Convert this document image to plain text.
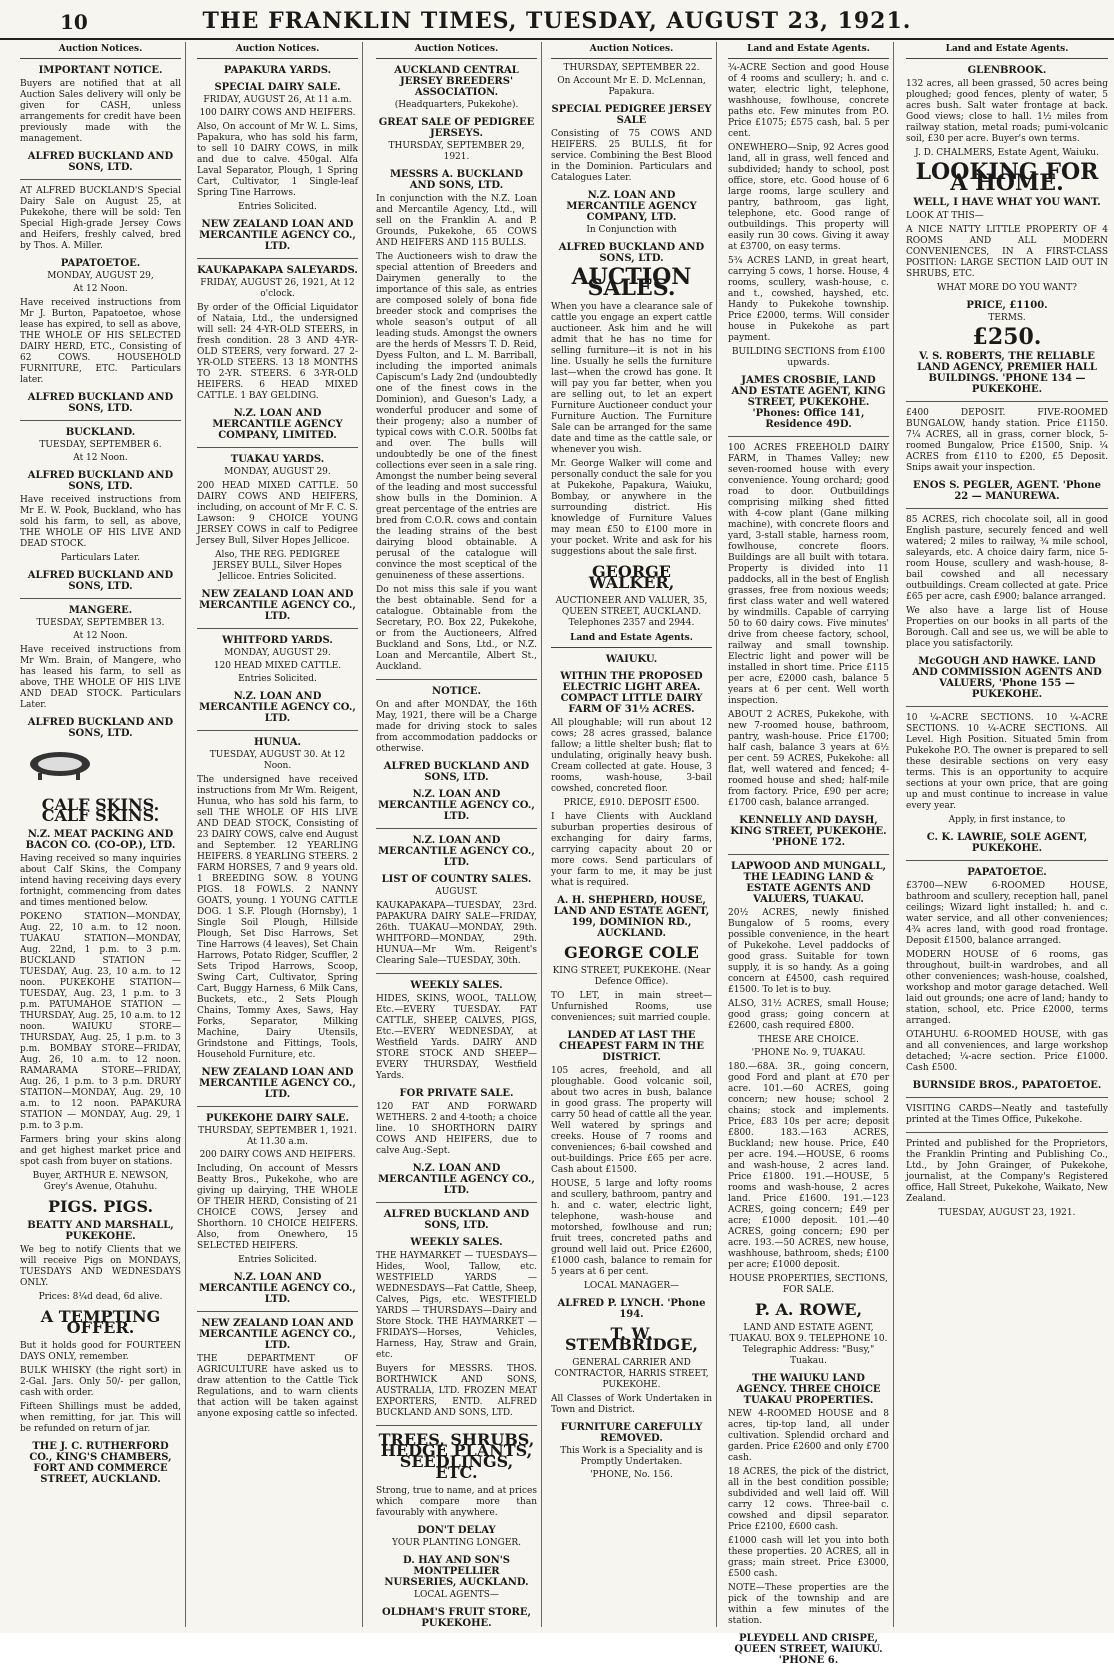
10	THE FRANKLIN TIMES, TUESDAY, AUGUST 23, 1921.
Auction Notices.
IMPORTANT NOTICE.
Buyers are notified that at all Auction Sales delivery will only be given for CASH, unless arrangements for credit have been previously made with the management.
ALFRED BUCKLAND AND SONS, LTD.
AT ALFRED BUCKLAND'S Special Dairy Sale on August 25, at Pukekohe, there will be sold: Ten Special High-grade Jersey Cows and Heifers, freshly calved, bred by Thos. A. Miller.
PAPATOETOE.
MONDAY, AUGUST 29,
At 12 Noon.
Have received instructions from Mr J. Burton, Papatoetoe, whose lease has expired, to sell as above, THE WHOLE OF HIS SELECTED DAIRY HERD, ETC., Consisting of 62 COWS. HOUSEHOLD FURNITURE, ETC. Particulars later.
ALFRED BUCKLAND AND SONS, LTD.
BUCKLAND.
TUESDAY, SEPTEMBER 6.
At 12 Noon.
ALFRED BUCKLAND AND SONS, LTD.
Have received instructions from Mr E. W. Pook, Buckland, who has sold his farm, to sell, as above, THE WHOLE OF HIS LIVE AND DEAD STOCK.
Particulars Later.
ALFRED BUCKLAND AND SONS, LTD.
MANGERE.
TUESDAY, SEPTEMBER 13.
At 12 Noon.
Have received instructions from Mr Wm. Brain, of Mangere, who has leased his farm, to sell as above, THE WHOLE OF HIS LIVE AND DEAD STOCK. Particulars Later.
ALFRED BUCKLAND AND SONS, LTD.
CALF SKINS. CALF SKINS.
N.Z. MEAT PACKING AND BACON CO. (CO-OP.), LTD.
Having received so many inquiries about Calf Skins, the Company intend having receiving days every fortnight, commencing from dates and times mentioned below.
POKENO STATION—MONDAY, Aug. 22, 10 a.m. to 12 noon. TUAKAU STATION—MONDAY, Aug. 22nd, 1 p.m. to 3 p.m. BUCKLAND STATION — TUESDAY, Aug. 23, 10 a.m. to 12 noon. PUKEKOHE STATION—TUESDAY, Aug. 23, 1 p.m. to 3 p.m. PATUMAHOE STATION — THURSDAY, Aug. 25, 10 a.m. to 12 noon. WAIUKU STORE—THURSDAY, Aug. 25, 1 p.m. to 3 p.m. BOMBAY STORE—FRIDAY, Aug. 26, 10 a.m. to 12 noon. RAMARAMA STORE—FRIDAY, Aug. 26, 1 p.m. to 3 p.m. DRURY STATION—MONDAY, Aug. 29, 10 a.m. to 12 noon. PAPAKURA STATION — MONDAY, Aug. 29, 1 p.m. to 3 p.m.
Farmers bring your skins along and get highest market price and spot cash from buyer on stations.
Buyer, ARTHUR E. NEWSON, Grey's Avenue, Otahuhu.
PIGS. PIGS.
BEATTY AND MARSHALL, PUKEKOHE.
We beg to notify Clients that we will receive Pigs on MONDAYS, TUESDAYS AND WEDNESDAYS ONLY.
Prices: 8¼d dead, 6d alive.
A TEMPTING OFFER.
But it holds good for FOURTEEN DAYS ONLY, remember.
BULK WHISKY (the right sort) in 2-Gal. Jars. Only 50/- per gallon, cash with order.
Fifteen Shillings must be added, when remitting, for jar. This will be refunded on return of jar.
THE J. C. RUTHERFORD CO., KING'S CHAMBERS, FORT AND COMMERCE STREET, AUCKLAND.
Auction Notices.
PAPAKURA YARDS.
SPECIAL DAIRY SALE.
FRIDAY, AUGUST 26, At 11 a.m.
100 DAIRY COWS AND HEIFERS.
Also, On account of Mr W. L. Sims, Papakura, who has sold his farm, to sell 10 DAIRY COWS, in milk and due to calve. 450gal. Alfa Laval Separator, Plough, 1 Spring Cart, Cultivator, 1 Single-leaf Spring Tine Harrows.
Entries Solicited.
NEW ZEALAND LOAN AND MERCANTILE AGENCY CO., LTD.
KAUKAPAKAPA SALEYARDS.
FRIDAY, AUGUST 26, 1921, At 12 o'clock.
By order of the Official Liquidator of Nataia, Ltd., the undersigned will sell: 24 4-YR-OLD STEERS, in fresh condition. 28 3 AND 4-YR-OLD STEERS, very forward. 27 2-YR-OLD STEERS. 13 18 MONTHS TO 2-YR. STEERS. 6 3-YR-OLD HEIFERS. 6 HEAD MIXED CATTLE. 1 BAY GELDING.
N.Z. LOAN AND MERCANTILE AGENCY COMPANY, LIMITED.
TUAKAU YARDS.
MONDAY, AUGUST 29.
200 HEAD MIXED CATTLE. 50 DAIRY COWS AND HEIFERS, including, on account of Mr F. C. S. Lawson: 9 CHOICE YOUNG JERSEY COWS in calf to Pedigree Jersey Bull, Silver Hopes Jellicoe.
Also, THE REG. PEDIGREE JERSEY BULL, Silver Hopes Jellicoe. Entries Solicited.
NEW ZEALAND LOAN AND MERCANTILE AGENCY CO., LTD.
WHITFORD YARDS.
MONDAY, AUGUST 29.
120 HEAD MIXED CATTLE.
Entries Solicited.
N.Z. LOAN AND MERCANTILE AGENCY CO., LTD.
HUNUA.
TUESDAY, AUGUST 30. At 12 Noon.
The undersigned have received instructions from Mr Wm. Reigent, Hunua, who has sold his farm, to sell THE WHOLE OF HIS LIVE AND DEAD STOCK, Consisting of 23 DAIRY COWS, calve end August and September. 12 YEARLING HEIFERS. 8 YEARLING STEERS. 2 FARM HORSES, 7 and 9 years old. 1 BREEDING SOW. 8 YOUNG PIGS. 18 FOWLS. 2 NANNY GOATS, young. 1 YOUNG CATTLE DOG. 1 S.F. Plough (Hornsby), 1 Single Soil Plough, Hillside Plough, Set Disc Harrows, Set Tine Harrows (4 leaves), Set Chain Harrows, Potato Ridger, Scuffler, 2 Sets Tripod Harrows, Scoop, Swing Cart, Cultivator, Spring Cart, Buggy Harness, 6 Milk Cans, Buckets, etc., 2 Sets Plough Chains, Tommy Axes, Saws, Hay Forks, Separator, Milking Machine, Dairy Utensils, Grindstone and Fittings, Tools, Household Furniture, etc.
NEW ZEALAND LOAN AND MERCANTILE AGENCY CO., LTD.
PUKEKOHE DAIRY SALE.
THURSDAY, SEPTEMBER 1, 1921. At 11.30 a.m.
200 DAIRY COWS AND HEIFERS.
Including, On account of Messrs Beatty Bros., Pukekohe, who are giving up dairying, THE WHOLE OF THEIR HERD, Consisting of 21 CHOICE COWS, Jersey and Shorthorn. 10 CHOICE HEIFERS. Also, from Onewhero, 15 SELECTED HEIFERS.
Entries Solicited.
N.Z. LOAN AND MERCANTILE AGENCY CO., LTD.
NEW ZEALAND LOAN AND MERCANTILE AGENCY CO., LTD.
THE DEPARTMENT OF AGRICULTURE have asked us to draw attention to the Cattle Tick Regulations, and to warn clients that action will be taken against anyone exposing cattle so infected.
Auction Notices.
AUCKLAND CENTRAL JERSEY BREEDERS' ASSOCIATION.
(Headquarters, Pukekohe).
GREAT SALE OF PEDIGREE JERSEYS.
THURSDAY, SEPTEMBER 29, 1921.
MESSRS A. BUCKLAND AND SONS, LTD.
In conjunction with the N.Z. Loan and Mercantile Agency, Ltd., will sell on the Franklin A. and P. Grounds, Pukekohe, 65 COWS AND HEIFERS AND 115 BULLS.
The Auctioneers wish to draw the special attention of Breeders and Dairymen generally to the importance of this sale, as entries are composed solely of bona fide breeder stock and comprises the whole season's output of all leading studs. Amongst the owners are the herds of Messrs T. D. Reid, Dyess Fulton, and L. M. Barriball, including the imported animals Capiscum's Lady 2nd (undoubtedly one of the finest cows in the Dominion), and Gueson's Lady, a wonderful producer and some of their progeny; also a number of typical cows with C.O.R. 500lbs fat and over. The bulls will undoubtedly be one of the finest collections ever seen in a sale ring. Amongst the number being several of the leading and most successful show bulls in the Dominion. A great percentage of the entries are bred from C.O.R. cows and contain the leading strains of the best dairying blood obtainable. A perusal of the catalogue will convince the most sceptical of the genuineness of these assertions.
Do not miss this sale if you want the best obtainable. Send for a catalogue. Obtainable from the Secretary, P.O. Box 22, Pukekohe, or from the Auctioneers, Alfred Buckland and Sons, Ltd., or N.Z. Loan and Mercantile, Albert St., Auckland.
NOTICE.
On and after MONDAY, the 16th May, 1921, there will be a Charge made for driving stock to sales from accommodation paddocks or otherwise.
ALFRED BUCKLAND AND SONS, LTD.
N.Z. LOAN AND MERCANTILE AGENCY CO., LTD.
N.Z. LOAN AND MERCANTILE AGENCY CO., LTD.
LIST OF COUNTRY SALES.
AUGUST.
KAUKAPAKAPA—TUESDAY, 23rd. PAPAKURA DAIRY SALE—FRIDAY, 26th. TUAKAU—MONDAY, 29th. WHITFORD—MONDAY, 29th. HUNUA—Mr Wm. Reigent's Clearing Sale—TUESDAY, 30th.
WEEKLY SALES.
HIDES, SKINS, WOOL, TALLOW, Etc.—EVERY TUESDAY. FAT CATTLE, SHEEP, CALVES, PIGS, Etc.—EVERY WEDNESDAY, at Westfield Yards. DAIRY AND STORE STOCK AND SHEEP—EVERY THURSDAY, Westfield Yards.
FOR PRIVATE SALE.
120 FAT AND FORWARD WETHERS. 2 and 4-tooth; a choice line. 10 SHORTHORN DAIRY COWS AND HEIFERS, due to calve Aug.-Sept.
N.Z. LOAN AND MERCANTILE AGENCY CO., LTD.
ALFRED BUCKLAND AND SONS, LTD.
WEEKLY SALES.
THE HAYMARKET — TUESDAYS—Hides, Wool, Tallow, etc. WESTFIELD YARDS — WEDNESDAYS—Fat Cattle, Sheep, Calves, Pigs, etc. WESTFIELD YARDS — THURSDAYS—Dairy and Store Stock. THE HAYMARKET — FRIDAYS—Horses, Vehicles, Harness, Hay, Straw and Grain, etc.
Buyers for MESSRS. THOS. BORTHWICK AND SONS, AUSTRALIA, LTD. FROZEN MEAT EXPORTERS, ENTD. ALFRED BUCKLAND AND SONS, LTD.
TREES, SHRUBS, HEDGE PLANTS, SEEDLINGS, ETC.
Strong, true to name, and at prices which compare more than favourably with anywhere.
DON'T DELAY
YOUR PLANTING LONGER.
D. HAY AND SON'S MONTPELLIER NURSERIES, AUCKLAND.
LOCAL AGENTS—
OLDHAM'S FRUIT STORE, PUKEKOHE.
Auction Notices.
THURSDAY, SEPTEMBER 22.
On Account Mr E. D. McLennan, Papakura.
SPECIAL PEDIGREE JERSEY SALE
Consisting of 75 COWS AND HEIFERS. 25 BULLS, fit for service. Combining the Best Blood in the Dominion. Particulars and Catalogues Later.
N.Z. LOAN AND MERCANTILE AGENCY COMPANY, LTD.
In Conjunction with
ALFRED BUCKLAND AND SONS, LTD.
AUCTION SALES.
When you have a clearance sale of cattle you engage an expert cattle auctioneer. Ask him and he will admit that he has no time for selling furniture—it is not in his line. Usually he sells the furniture last—when the crowd has gone. It will pay you far better, when you are selling out, to let an expert Furniture Auctioneer conduct your Furniture Auction. The Furniture Sale can be arranged for the same date and time as the cattle sale, or whenever you wish.
Mr. George Walker will come and personally conduct the sale for you at Pukekohe, Papakura, Waiuku, Bombay, or anywhere in the surrounding district. His knowledge of Furniture Values may mean £50 to £100 more in your pocket. Write and ask for his suggestions about the sale first.
GEORGE WALKER,
AUCTIONEER AND VALUER, 35, QUEEN STREET, AUCKLAND. Telephones 2357 and 2944.
Land and Estate Agents.
WAIUKU.
WITHIN THE PROPOSED ELECTRIC LIGHT AREA. COMPACT LITTLE DAIRY FARM OF 31½ ACRES.
All ploughable; will run about 12 cows; 28 acres grassed, balance fallow; a little shelter bush; flat to undulating, originally heavy bush. Cream collected at gate. House, 3 rooms, wash-house, 3-bail cowshed, concreted floor.
PRICE, £910. DEPOSIT £500.
I have Clients with Auckland suburban properties desirous of exchanging for dairy farms, carrying capacity about 20 or more cows. Send particulars of your farm to me, it may be just what is required.
A. H. SHEPHERD, HOUSE, LAND AND ESTATE AGENT, 199, DOMINION RD., AUCKLAND.
GEORGE COLE
KING STREET, PUKEKOHE. (Near Defence Office).
TO LET, in main street—Unfurnished Rooms, use conveniences; suit married couple.
LANDED AT LAST THE CHEAPEST FARM IN THE DISTRICT.
105 acres, freehold, and all ploughable. Good volcanic soil, about two acres in bush, balance in good grass. The property will carry 50 head of cattle all the year. Well watered by springs and creeks. House of 7 rooms and conveniences; 6-bail cowshed and out-buildings. Price £65 per acre. Cash about £1500.
HOUSE, 5 large and lofty rooms and scullery, bathroom, pantry and h. and c. water, electric light, telephone, wash-house and motorshed, fowlhouse and run; fruit trees, concreted paths and ground well laid out. Price £2600, £1000 cash, balance to remain for 5 years at 6 per cent.
LOCAL MANAGER—
ALFRED P. LYNCH. 'Phone 194.
T. W. STEMBRIDGE,
GENERAL CARRIER AND CONTRACTOR, HARRIS STREET, PUKEKOHE.
All Classes of Work Undertaken in Town and District.
FURNITURE CAREFULLY REMOVED.
This Work is a Speciality and is Promptly Undertaken.
'PHONE, No. 156.
Land and Estate Agents.
¾-ACRE Section and good House of 4 rooms and scullery; h. and c. water, electric light, telephone, washhouse, fowlhouse, concrete paths etc. Few minutes from P.O. Price £1075; £575 cash, bal. 5 per cent.
ONEWHERO—Snip, 92 Acres good land, all in grass, well fenced and subdivided; handy to school, post office, store, etc. Good house of 6 large rooms, large scullery and pantry, bathroom, gas light, telephone, etc. Good range of outbuildings. This property will easily run 30 cows. Giving it away at £3700, on easy terms.
5¾ ACRES LAND, in great heart, carrying 5 cows, 1 horse. House, 4 rooms, scullery, wash-house, c. and t., cowshed, hayshed, etc. Handy to Pukekohe township. Price £2000, terms. Will consider house in Pukekohe as part payment.
BUILDING SECTIONS from £100 upwards.
JAMES CROSBIE, LAND AND ESTATE AGENT, KING STREET, PUKEKOHE. 'Phones: Office 141, Residence 49D.
100 ACRES FREEHOLD DAIRY FARM, in Thames Valley; new seven-roomed house with every convenience. Young orchard; good road to door. Outbuildings comprising milking shed fitted with 4-cow plant (Gane milking machine), with concrete floors and yard, 3-stall stable, harness room, fowlhouse, concrete floors. Buildings are all built with totara. Property is divided into 11 paddocks, all in the best of English grasses, free from noxious weeds; first class water and well watered by windmills. Capable of carrying 50 to 60 dairy cows. Five minutes' drive from cheese factory, school, railway and small township. Electric light and power will be installed in short time. Price £115 per acre, £2000 cash, balance 5 years at 6 per cent. Well worth inspection.
ABOUT 2 ACRES, Pukekohe, with new 7-roomed house, bathroom, pantry, wash-house. Price £1700; half cash, balance 3 years at 6½ per cent. 59 ACRES, Pukekohe: all flat, well watered and fenced; 4-roomed house and shed; half-mile from factory. Price, £90 per acre; £1700 cash, balance arranged.
KENNELLY AND DAYSH, KING STREET, PUKEKOHE. 'PHONE 172.
LAPWOOD AND MUNGALL, THE LEADING LAND & ESTATE AGENTS AND VALUERS, TUAKAU.
20½ ACRES, newly finished Bungalow of 5 rooms, every possible convenience, in the heart of Pukekohe. Level paddocks of good grass. Suitable for town supply, it is so handy. As a going concern at £4500, cash required £1500. To let is to buy.
ALSO, 31½ ACRES, small House; good grass; going concern at £2600, cash required £800.
THESE ARE CHOICE.
'PHONE No. 9, TUAKAU.
180.—68A. 3R., going concern, good Ford and plant at £70 per acre. 101.—60 ACRES, going concern; new house; school 2 chains; stock and implements. Price, £83 10s per acre; deposit £800. 183.—163 ACRES, Buckland; new house. Price, £40 per acre. 194.—HOUSE, 6 rooms and wash-house, 2 acres land. Price £1800. 191.—HOUSE, 5 rooms and wash-house, 2 acres land. Price £1600. 191.—123 ACRES, going concern; £49 per acre; £1000 deposit. 101.—40 ACRES, going concern; £90 per acre. 193.—50 ACRES, new house, washhouse, bathroom, sheds; £100 per acre; £1000 deposit.
HOUSE PROPERTIES, SECTIONS, FOR SALE.
P. A. ROWE,
LAND AND ESTATE AGENT, TUAKAU. BOX 9. TELEPHONE 10. Telegraphic Address: "Busy," Tuakau.
THE WAIUKU LAND AGENCY. THREE CHOICE TUAKAU PROPERTIES.
NEW 4-ROOMED HOUSE and 8 acres, tip-top land, all under cultivation. Splendid orchard and garden. Price £2600 and only £700 cash.
18 ACRES, the pick of the district, all in the best condition possible; subdivided and well laid off. Will carry 12 cows. Three-bail c. cowshed and dipsil separator. Price £2100, £600 cash.
£1000 cash will let you into both these properties. 20 ACRES, all in grass; main street. Price £3000, £500 cash.
NOTE—These properties are the pick of the township and are within a few minutes of the station.
PLEYDELL AND CRISPE, QUEEN STREET, WAIUKU. 'PHONE 6.
Land and Estate Agents.
GLENBROOK.
132 acres, all been grassed, 50 acres being ploughed; good fences, plenty of water, 5 acres bush. Salt water frontage at back. Good views; close to hall. 1½ miles from railway station, metal roads; pumi-volcanic soil, £30 per acre. Buyer's own terms.
J. D. CHALMERS, Estate Agent, Waiuku.
LOOKING FOR A HOME.
WELL, I HAVE WHAT YOU WANT.
LOOK AT THIS—
A NICE NATTY LITTLE PROPERTY OF 4 ROOMS AND ALL MODERN CONVENIENCES, IN A FIRST-CLASS POSITION: LARGE SECTION LAID OUT IN SHRUBS, ETC.
WHAT MORE DO YOU WANT?
PRICE, £1100.
TERMS.
£250.
V. S. ROBERTS, THE RELIABLE LAND AGENCY, PREMIER HALL BUILDINGS. 'PHONE 134 — PUKEKOHE.
£400 DEPOSIT. FIVE-ROOMED BUNGALOW, handy station. Price £1150. 7¼ ACRES, all in grass, corner block, 5-roomed Bungalow, Price £1500, Snip. ¼ ACRES from £110 to £200, £5 Deposit. Snips await your inspection.
ENOS S. PEGLER, AGENT. 'Phone 22 — MANUREWA.
85 ACRES, rich chocolate soil, all in good English pasture, securely fenced and well watered; 2 miles to railway, ¾ mile school, saleyards, etc. A choice dairy farm, nice 5-room House, scullery and wash-house, 8-bail cowshed and all necessary outbuildings. Cream collected at gate. Price £65 per acre, cash £900; balance arranged.
We also have a large list of House Properties on our books in all parts of the Borough. Call and see us, we will be able to place you satisfactorily.
McGOUGH AND HAWKE. LAND AND COMMISSION AGENTS AND VALUERS, 'Phone 155 — PUKEKOHE.
10 ¼-ACRE SECTIONS. 10 ¼-ACRE SECTIONS. 10 ¼-ACRE SECTIONS. All Level. High Position. Situated 5min from Pukekohe P.O. The owner is prepared to sell these desirable sections on very easy terms. This is an opportunity to acquire sections at your own price, that are going up and must continue to increase in value every year.
Apply, in first instance, to
C. K. LAWRIE, SOLE AGENT, PUKEKOHE.
PAPATOETOE.
£3700—NEW 6-ROOMED HOUSE, bathroom and scullery, reception hall, panel ceilings; Wizard light installed; h. and c. water service, and all other conveniences; 4¾ acres land, with good road frontage. Deposit £1500, balance arranged.
MODERN HOUSE of 6 rooms, gas throughout, built-in wardrobes, and all other conveniences; wash-house, coalshed, workshop and motor garage detached. Well laid out grounds; one acre of land; handy to station, school, etc. Price £2000, terms arranged.
OTAHUHU. 6-ROOMED HOUSE, with gas and all conveniences, and large workshop detached; ¼-acre section. Price £1000. Cash £500.
BURNSIDE BROS., PAPATOETOE.
VISITING CARDS—Neatly and tastefully printed at the Times Office, Pukekohe.
Printed and published for the Proprietors, the Franklin Printing and Publishing Co., Ltd., by John Grainger, of Pukekohe, journalist, at the Company's Registered office, Hall Street, Pukekohe, Waikato, New Zealand.
TUESDAY, AUGUST 23, 1921.
